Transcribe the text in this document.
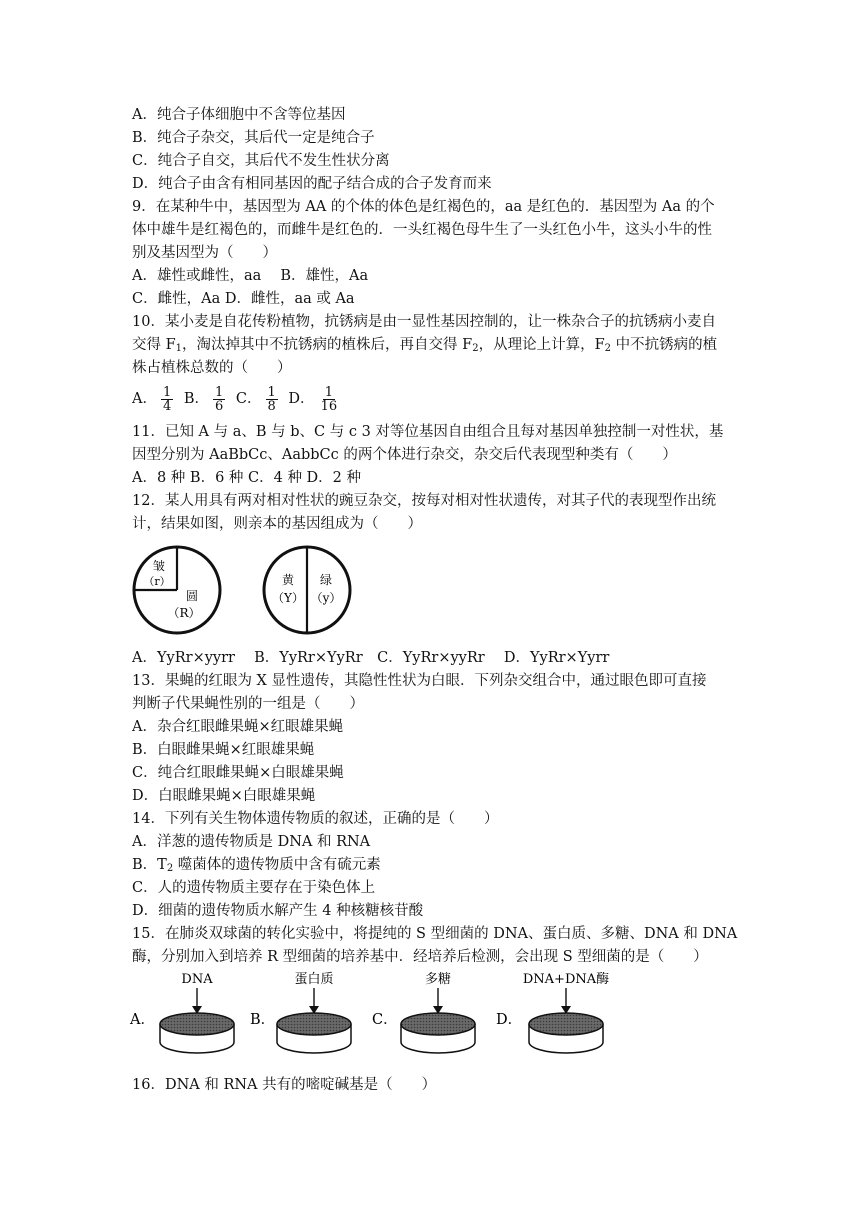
A．纯合子体细胞中不含等位基因
B．纯合子杂交，其后代一定是纯合子
C．纯合子自交，其后代不发生性状分离
D．纯合子由含有相同基因的配子结合成的合子发育而来
9．在某种牛中，基因型为 AA 的个体的体色是红褐色的，aa 是红色的．基因型为 Aa 的个
体中雄牛是红褐色的，而雌牛是红色的．一头红褐色母牛生了一头红色小牛，这头小牛的性
别及基因型为（　　）
A．雄性或雌性，aa　 B．雄性，Aa
C．雌性，Aa D．雌性，aa 或 Aa
10．某小麦是自花传粉植物，抗锈病是由一显性基因控制的，让一株杂合子的抗锈病小麦自
交得 $F_1$，淘汰掉其中不抗锈病的植株后，再自交得 $F_2$，从理论上计算，$F_2$ 中不抗锈病的植
株占植株总数的（　　）
A． $\frac{1}{4}$ B． $\frac{1}{6}$ C． $\frac{1}{8}$ D． $\frac{1}{16}$
11．已知 A 与 a、B 与 b、C 与 c 3 对等位基因自由组合且每对基因单独控制一对性状，基
因型分别为 AaBbCc、AabbCc 的两个体进行杂交，杂交后代表现型种类有（　　）
A．8 种 B．6 种 C．4 种 D．2 种
12．某人用具有两对相对性状的豌豆杂交，按每对相对性状遗传，对其子代的表现型作出统
计，结果如图，则亲本的基因组成为（　　）
皱
（r）
圆
（R）
黄
（Y）
绿
（y）
A．YyRr×yyrr　 B．YyRr×YyRr　C．YyRr×yyRr　 D．YyRr×Yyrr
13．果蝇的红眼为 X 显性遗传，其隐性性状为白眼．下列杂交组合中，通过眼色即可直接
判断子代果蝇性别的一组是（　　）
A．杂合红眼雌果蝇×红眼雄果蝇
B．白眼雌果蝇×红眼雄果蝇
C．纯合红眼雌果蝇×白眼雄果蝇
D．白眼雌果蝇×白眼雄果蝇
14．下列有关生物体遗传物质的叙述，正确的是（　　）
A．洋葱的遗传物质是 DNA 和 RNA
B．$T_2$ 噬菌体的遗传物质中含有硫元素
C．人的遗传物质主要存在于染色体上
D．细菌的遗传物质水解产生 4 种核糖核苷酸
15．在肺炎双球菌的转化实验中，将提纯的 S 型细菌的 DNA、蛋白质、多糖、DNA 和 DNA
酶，分别加入到培养 R 型细菌的培养基中．经培养后检测，会出现 S 型细菌的是（　　）
A．
DNA
B．
蛋白质
C．
多糖
D．
DNA+DNA酶
16．DNA 和 RNA 共有的嘧啶碱基是（　　）
